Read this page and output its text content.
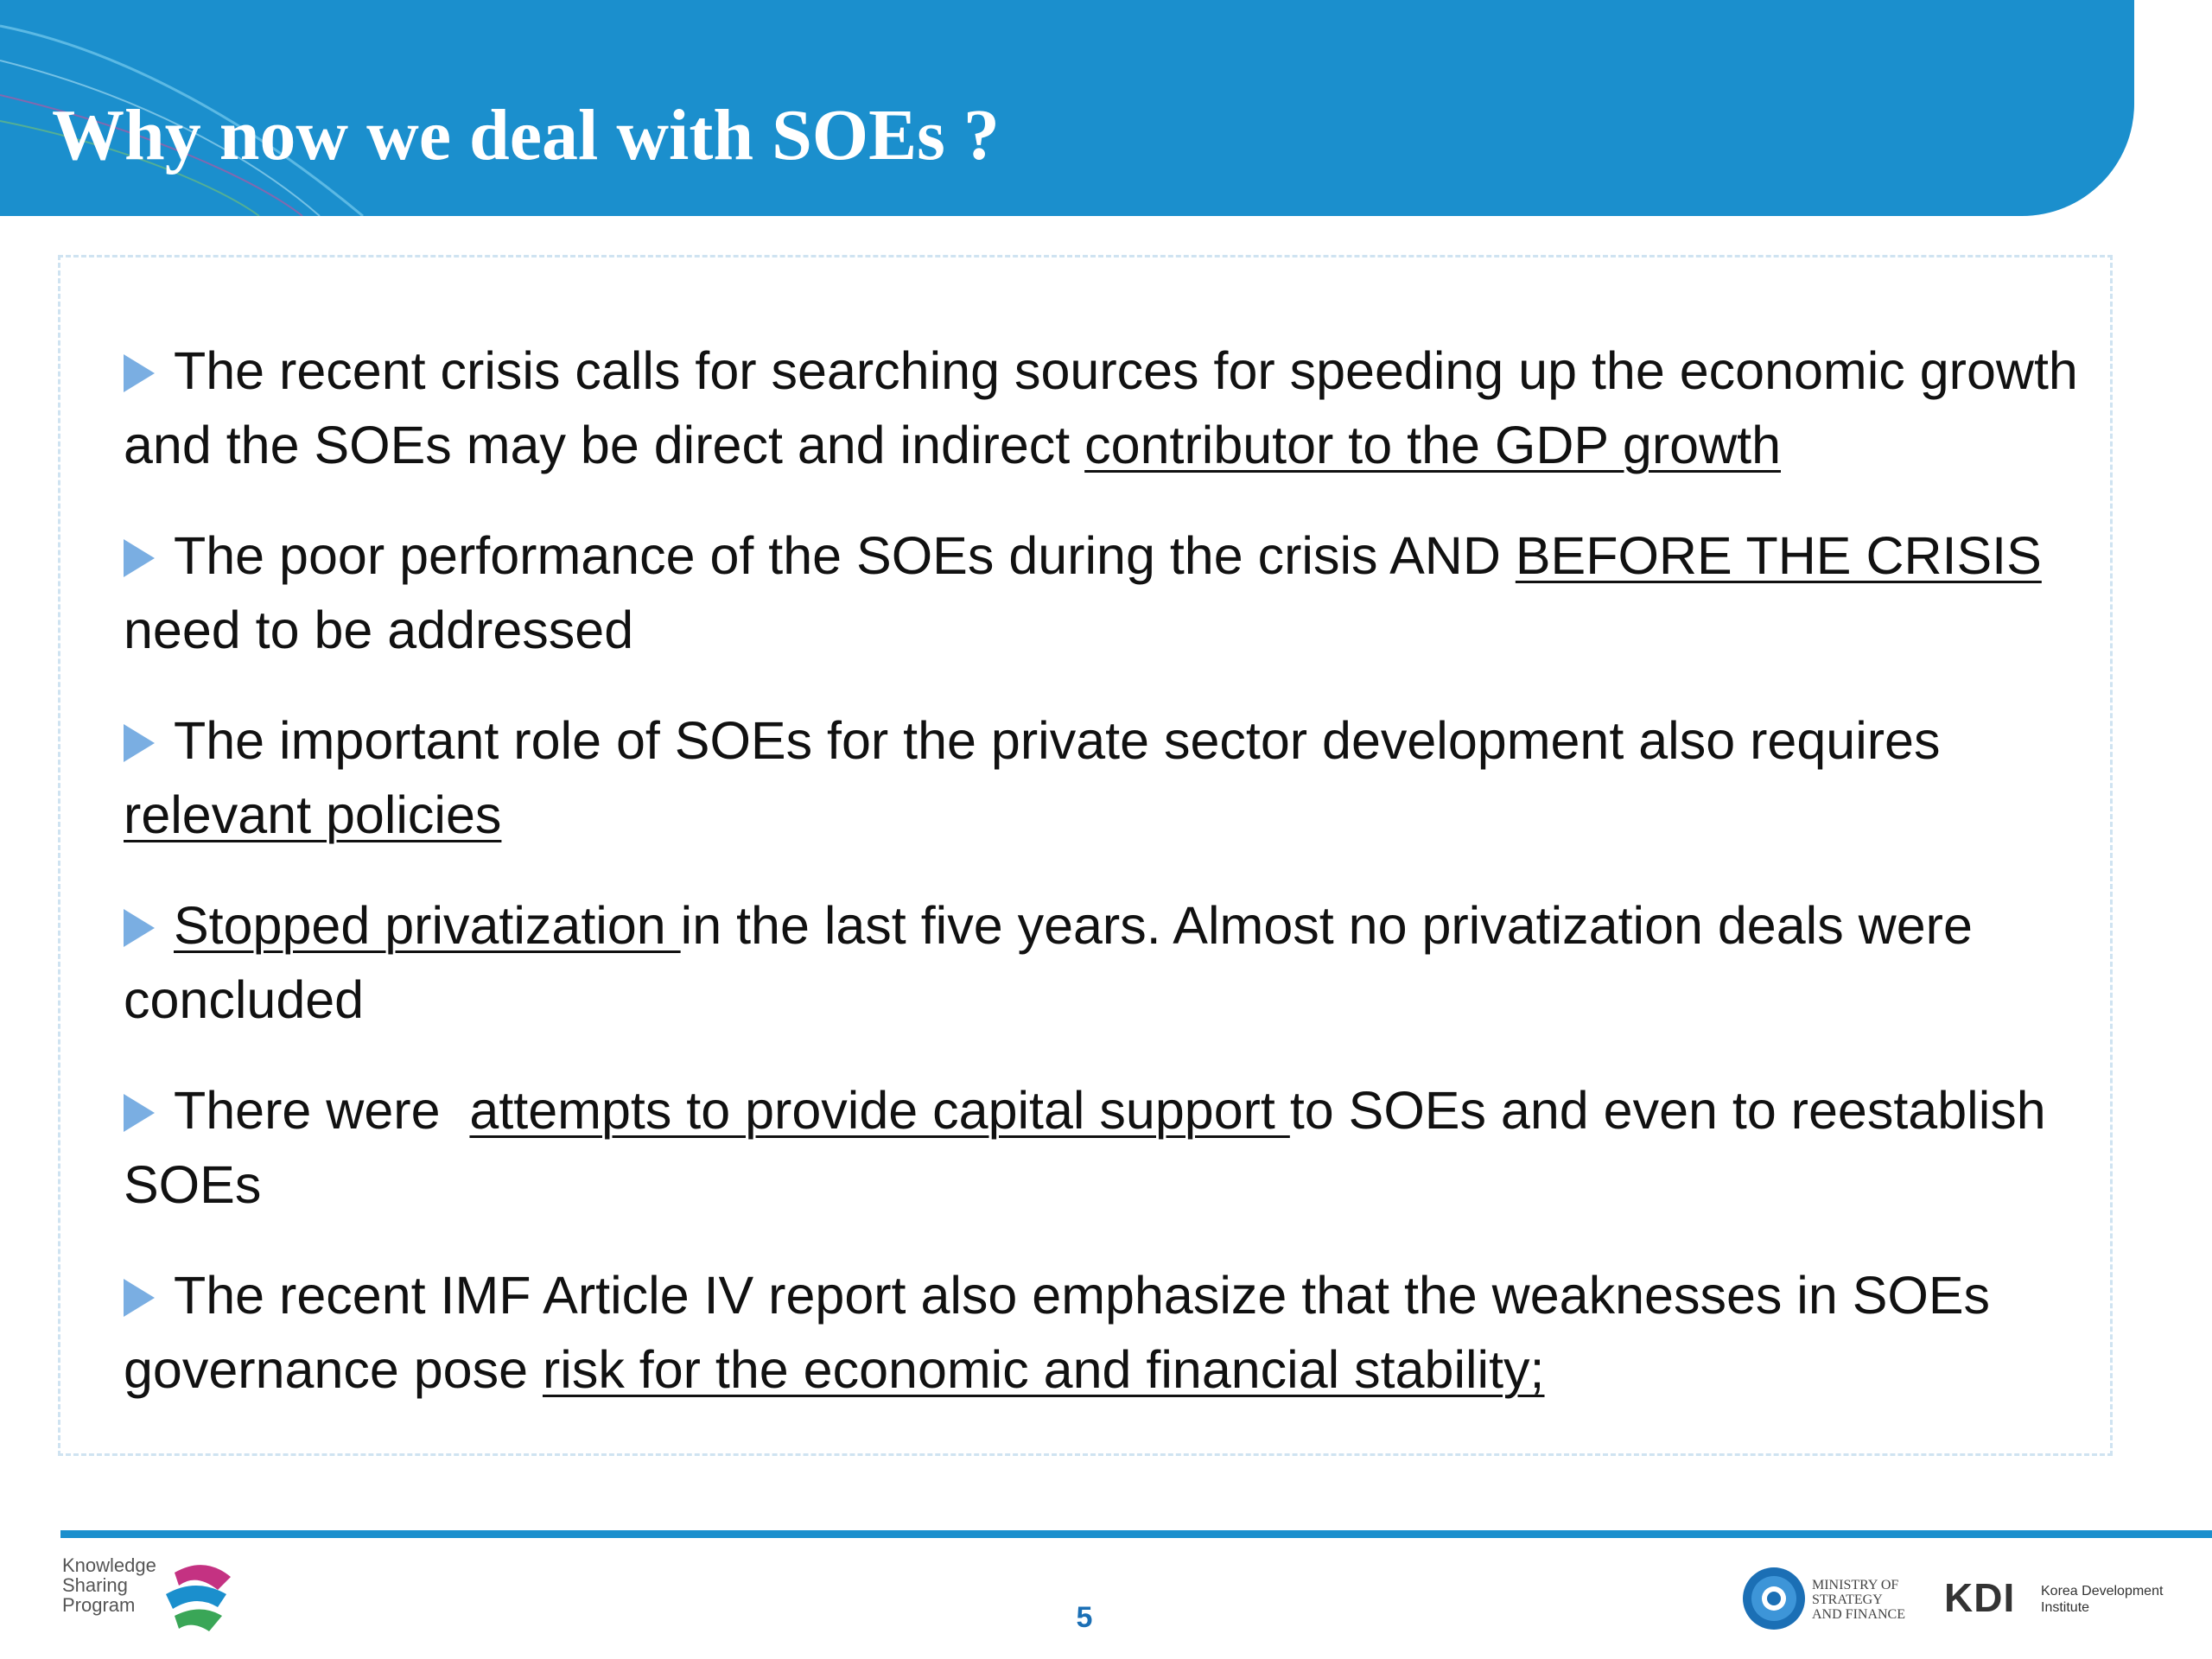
Why now we deal with SOEs ?

The recent crisis calls for searching sources for speeding up the economic growth and the SOEs may be direct and indirect contributor to the GDP growth

The poor performance of the SOEs during the crisis AND BEFORE THE CRISIS need to be addressed

The important role of SOEs for the private sector development also requires relevant policies

Stopped privatization in the last five years. Almost no privatization deals were concluded

There were  attempts to provide capital support to SOEs and even to reestablish SOEs

The recent IMF Article IV report also emphasize that the weaknesses in SOEs governance pose risk for the economic and financial stability;

Knowledge
Sharing
Program	5
MINISTRY OF
STRATEGY
AND FINANCE KDI Korea Development
Institute
